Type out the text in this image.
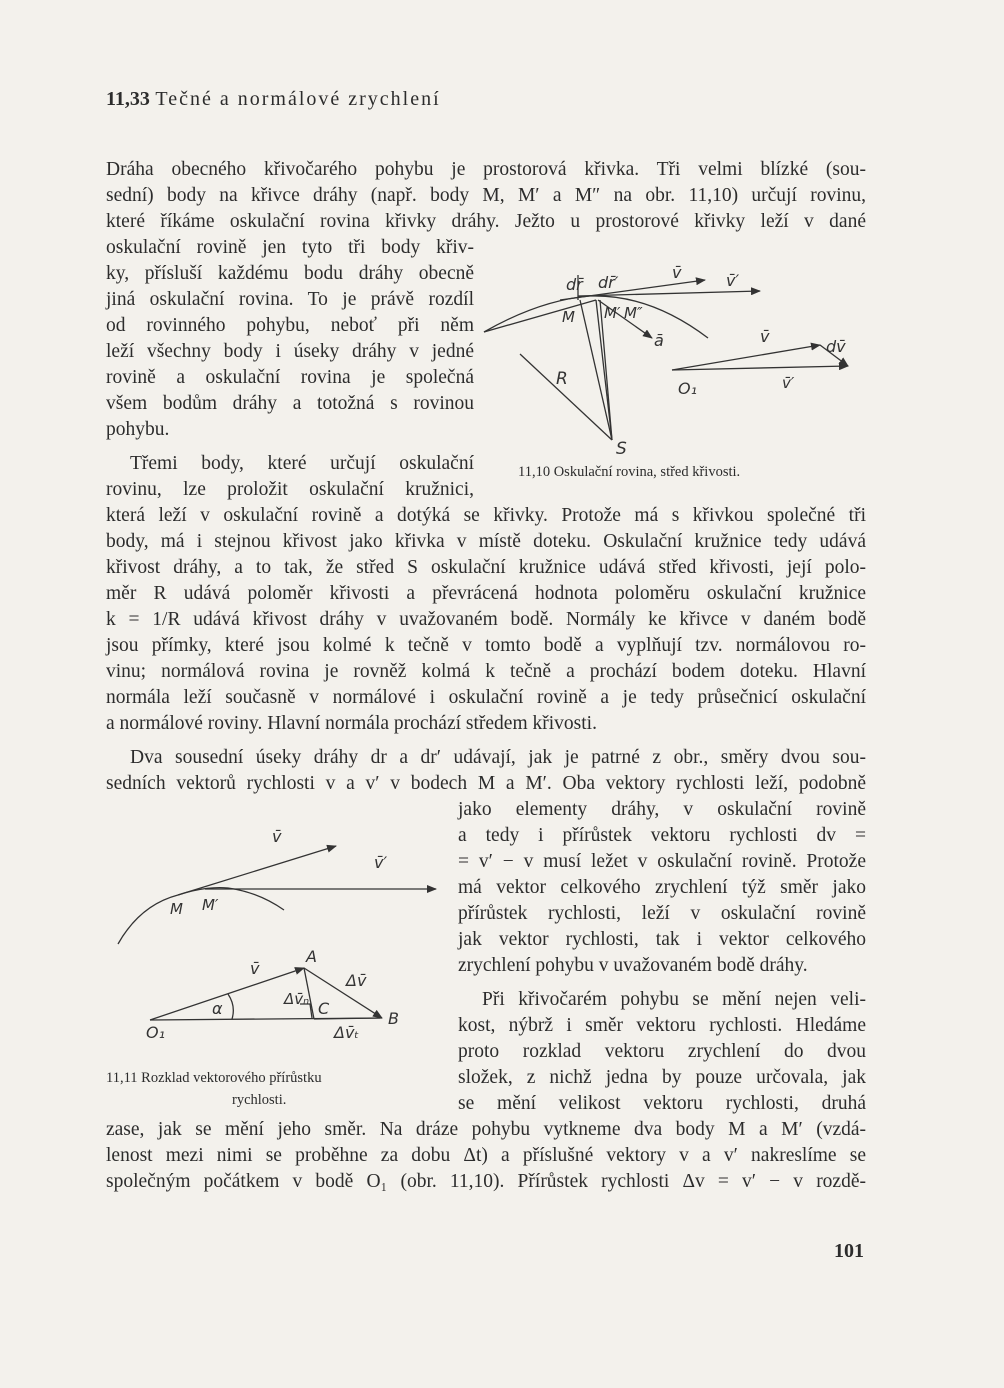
11,33 Tečné a normálové zrychlení
Dráha obecného křivočarého pohybu je prostorová křivka. Tři velmi blízké (sou-
sední) body na křivce dráhy (např. body M, M′ a M″ na obr. 11,10) určují rovinu,
které říkáme oskulační rovina křivky dráhy. Ježto u prostorové křivky leží v dané
oskulační rovině jen tyto tři body křiv-
ky, přísluší každému bodu dráhy obecně
jiná oskulační rovina. To je právě rozdíl
od rovinného pohybu, neboť při něm
leží všechny body i úseky dráhy v jedné
rovině a oskulační rovina je společná
všem bodům dráhy a totožná s rovinou
pohybu.
Třemi body, které určují oskulační
rovinu, lze proložit oskulační kružnici,
která leží v oskulační rovině a dotýká se křivky. Protože má s křivkou společné tři
body, má i stejnou křivost jako křivka v místě doteku. Oskulační kružnice tedy udává
křivost dráhy, a to tak, že střed S oskulační kružnice udává střed křivosti, její polo-
měr R udává poloměr křivosti a převrácená hodnota poloměru oskulační kružnice
k = 1/R udává křivost dráhy v uvažovaném bodě. Normály ke křivce v daném bodě
jsou přímky, které jsou kolmé k tečně v tomto bodě a vyplňují tzv. normálovou ro-
vinu; normálová rovina je rovněž kolmá k tečně a prochází bodem doteku. Hlavní
normála leží současně v normálové i oskulační rovině a je tedy průsečnicí oskulační
a normálové roviny. Hlavní normála prochází středem křivosti.
Dva sousední úseky dráhy dr a dr′ udávají, jak je patrné z obr., směry dvou sou-
sedních vektorů rychlosti v a v′ v bodech M a M′. Oba vektory rychlosti leží, podobně
jako elementy dráhy, v oskulační rovině
a tedy i přírůstek vektoru rychlosti dv =
= v′ − v musí ležet v oskulační rovině. Protože
má vektor celkového zrychlení týž směr jako
přírůstek rychlosti, leží v oskulační rovině
jak vektor rychlosti, tak i vektor celkového
zrychlení pohybu v uvažovaném bodě dráhy.
Při křivočarém pohybu se mění nejen veli-
kost, nýbrž i směr vektoru rychlosti. Hledáme
proto rozklad vektoru zrychlení do dvou
složek, z nichž jedna by pouze určovala, jak
se mění velikost vektoru rychlosti, druhá
zase, jak se mění jeho směr. Na dráze pohybu vytkneme dva body M a M′ (vzdá-
lenost mezi nimi se proběhne za dobu Δt) a příslušné vektory v a v′ nakreslíme se
společným počátkem v bodě O₁ (obr. 11,10). Přírůstek rychlosti Δv = v′ − v rozdě-
dr̄ dr̄′
v̄	v̄′
M M′ M″
ā
R
S
v̄
dv̄
O₁	v̄′
11,10 Oskulační rovina, střed křivosti.
v̄
v̄′
M M′
A
v̄
Δv̄
Δv̄ₙ C
B
α
O₁	Δv̄ₜ
11,11 Rozklad vektorového přírůstku
rychlosti.
101
